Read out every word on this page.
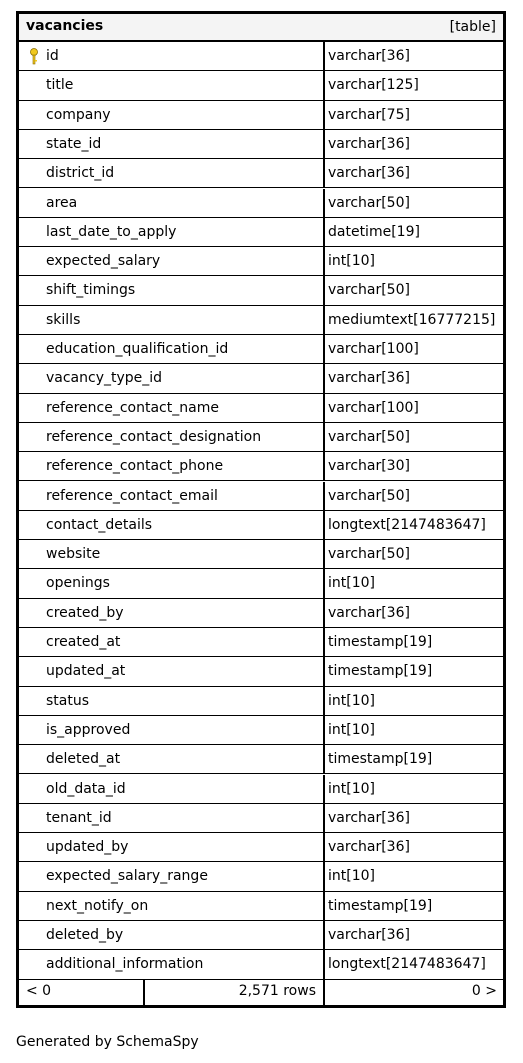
vacancies	[table]
id	varchar[36]
title	varchar[125]
company	varchar[75]
state_id	varchar[36]
district_id	varchar[36]
area	varchar[50]
last_date_to_apply	datetime[19]
expected_salary	int[10]
shift_timings	varchar[50]
skills	mediumtext[16777215]
education_qualification_id	varchar[100]
vacancy_type_id	varchar[36]
reference_contact_name	varchar[100]
reference_contact_designation	varchar[50]
reference_contact_phone	varchar[30]
reference_contact_email	varchar[50]
contact_details	longtext[2147483647]
website	varchar[50]
openings	int[10]
created_by	varchar[36]
created_at	timestamp[19]
updated_at	timestamp[19]
status	int[10]
is_approved	int[10]
deleted_at	timestamp[19]
old_data_id	int[10]
tenant_id	varchar[36]
updated_by	varchar[36]
expected_salary_range	int[10]
next_notify_on	timestamp[19]
deleted_by	varchar[36]
additional_information	longtext[2147483647]
< 0	2,571 rows	0 >
Generated by SchemaSpy
